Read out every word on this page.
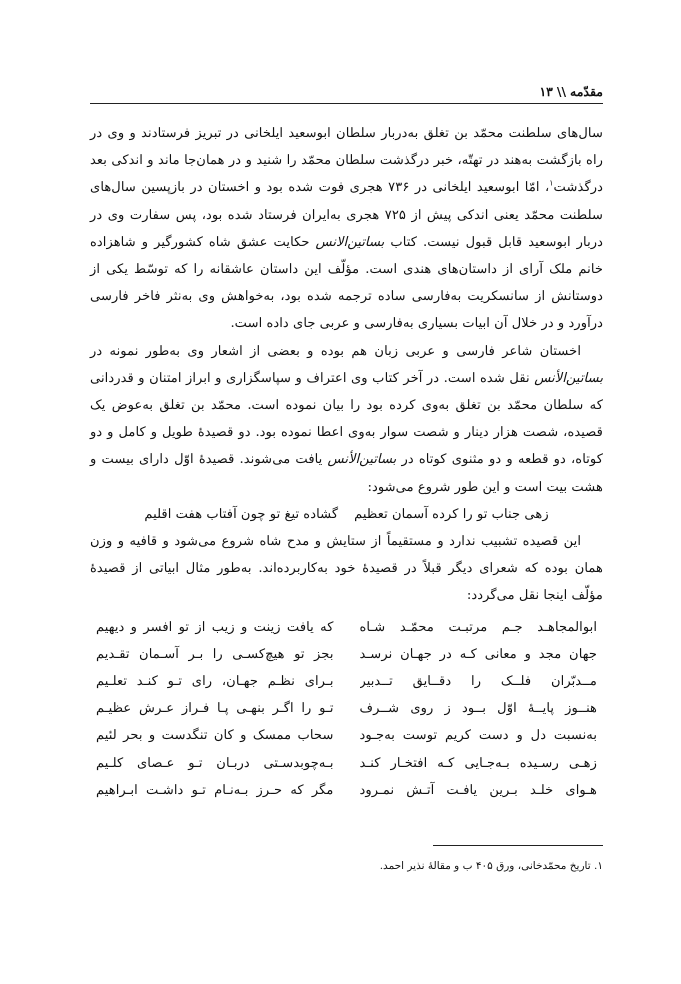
مقدّمه
\\
۱۳

سال‌های سلطنت محمّد بن تغلق به‌دربار سلطان ابوسعید ایلخانی در تبریز فرستادند و وی در راه بازگشت به‌هند در تهتّه، خبر درگذشت سلطان محمّد را شنید و در همان‌جا ماند و اندکی بعد درگذشت$^۱$، امّا ابوسعید ایلخانی در ۷۳۶ هجری فوت شده بود و اخستان در بازپسین سال‌های سلطنت محمّد یعنی اندکی پیش از ۷۲۵ هجری به‌ایران فرستاد شده بود، پس سفارت وی در دربار ابوسعید قابل قبول نیست. کتاب بساتین‌الانس حکایت عشق شاه کشورگیر و شاهزاده خانم ملک آرای از داستان‌های هندی است. مؤلّف این داستان عاشقانه را که توسّط یکی از دوستانش از سانسکریت به‌فارسی ساده ترجمه شده بود، به‌خواهش وی به‌نثر فاخر فارسی درآورد و در خلال آن ابیات بسیاری به‌فارسی و عربی جای داده است.

اخستان شاعر فارسی و عربی زبان هم بوده و بعضی از اشعار وی به‌طور نمونه در بساتین‌الأنس نقل شده است. در آخر کتاب وی اعتراف و سپاسگزاری و ابراز امتنان و قدردانی که سلطان محمّد بن تغلق به‌وی کرده بود را بیان نموده است. محمّد بن تغلق به‌عوض یک قصیده، شصت هزار دینار و شصت سوار به‌وی اعطا نموده بود. دو قصیدۀ طویل و کامل و دو کوتاه، دو قطعه و دو مثنوی کوتاه در بساتین‌الأنس یافت می‌شوند. قصیدۀ اوّل دارای بیست و هشت بیت است و این طور شروع می‌شود:

زهی جناب تو را کرده آسمان تعظیم
گشاده تیغ تو چون آفتاب هفت اقلیم

این قصیده تشبیب ندارد و مستقیماً از ستایش و مدح شاه شروع می‌شود و قافیه و وزن همان بوده که شعرای دیگر قبلاً در قصیدۀ خود به‌کاربرده‌اند. به‌طور مثال ابیاتی از قصیدۀ مؤلّف اینجا نقل می‌گردد:

ابوالمجاهـد جـم مرتبـت محمّـد شـاه
که یافت زینت و زیب از تو افسر و دیهیم
جهان مجد و معانی کـه در جهـان نرسـد
بجز تو هیچ‌کسـی را بـر آسـمان تقـدیم
مــدبّران فلــک را دقــایق تــدبیر
بـرای نظـم جهـان، رای تـو کنـد تعلـیم
هنــوز پایــۀ اوّل بــود ز روی شــرف
تـو را اگـر بنهـی پـا فـراز عـرش عظیـم
به‌نسبت دل و دست کریم توست به‌جـود
سحاب ممسک و کان تنگدست و بحر لئیم
زهـی رسـیده بـه‌جـایی کـه افتخـار کنـد
بـه‌چوبدسـتی دربـان تـو عـصای کلـیم
هـوای خلـد بـرین یافـت آتـش نمـرود
مگر که حـرز بـه‌نـام تـو داشـت ابـراهیم
۱. تاریخ محمّدخانی، ورق ۴۰۵ ب و مقالۀ نذیر احمد.
